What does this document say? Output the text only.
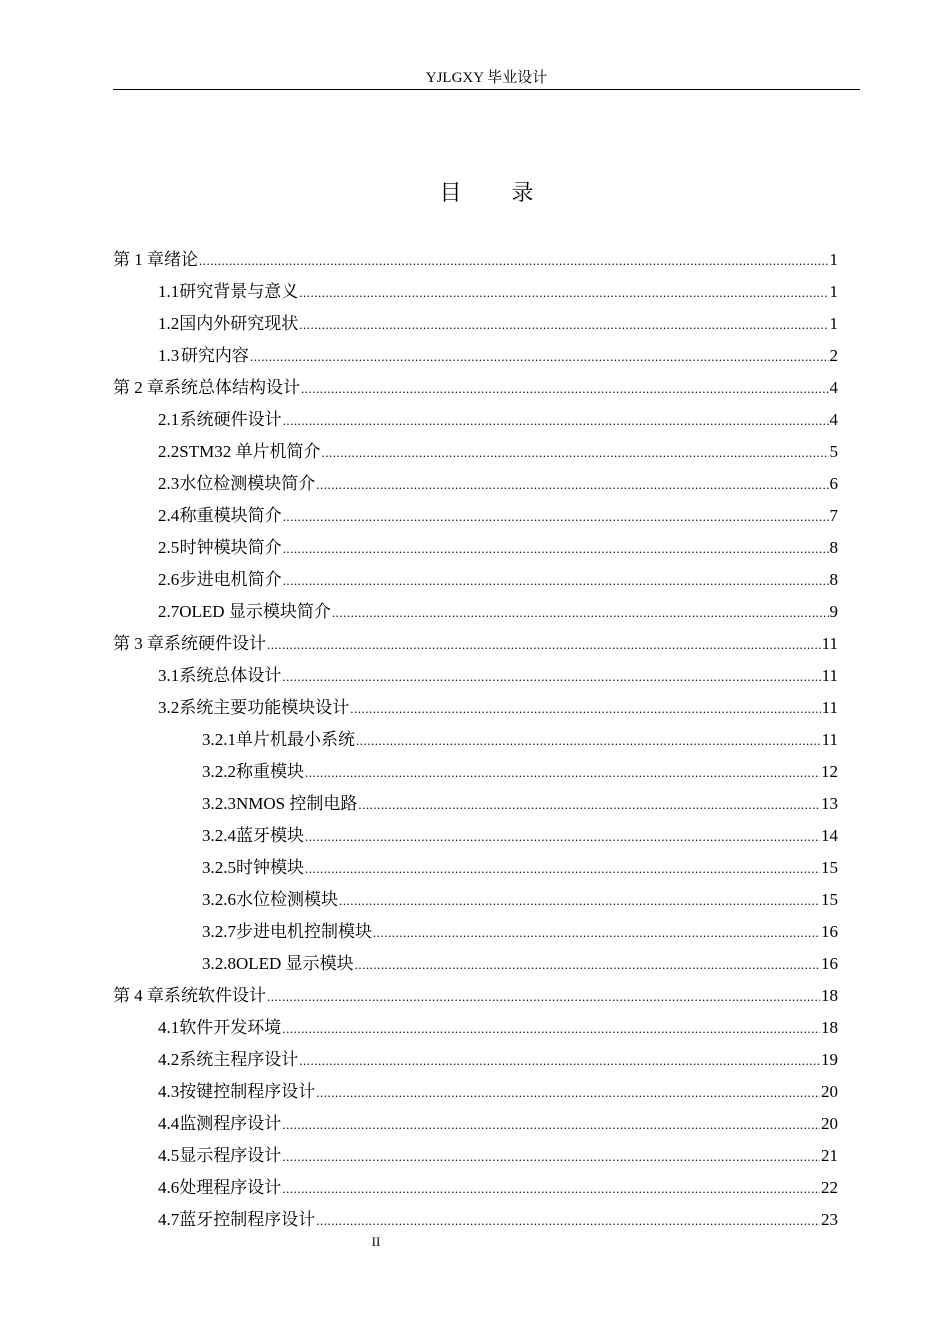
YJLGXY 毕业设计
目 录
第 1 章 绪论 .....	1
1.1 研究背景与意义 .....	1
1.2 国内外研究现状 .....	1
1.3 研究内容 .....	2
第 2 章 系统总体结构设计 .....	4
2.1 系统硬件设计 .....	4
2.2 STM32 单片机简介 .....	5
2.3 水位检测模块简介 .....	6
2.4 称重模块简介 .....	7
2.5 时钟模块简介 .....	8
2.6 步进电机简介 .....	8
2.7 OLED 显示模块简介 .....	9
第 3 章 系统硬件设计 .....	11
3.1 系统总体设计 .....	11
3.2 系统主要功能模块设计 .....	11
3.2.1 单片机最小系统 .....	11
3.2.2 称重模块 .....	12
3.2.3 NMOS 控制电路 .....	13
3.2.4 蓝牙模块 .....	14
3.2.5 时钟模块 .....	15
3.2.6 水位检测模块 .....	15
3.2.7 步进电机控制模块 .....	16
3.2.8 OLED 显示模块 .....	16
第 4 章 系统软件设计 .....	18
4.1 软件开发环境 .....	18
4.2 系统主程序设计 .....	19
4.3 按键控制程序设计 .....	20
4.4 监测程序设计 .....	20
4.5 显示程序设计 .....	21
4.6 处理程序设计 .....	22
4.7 蓝牙控制程序设计 .....	23
II
